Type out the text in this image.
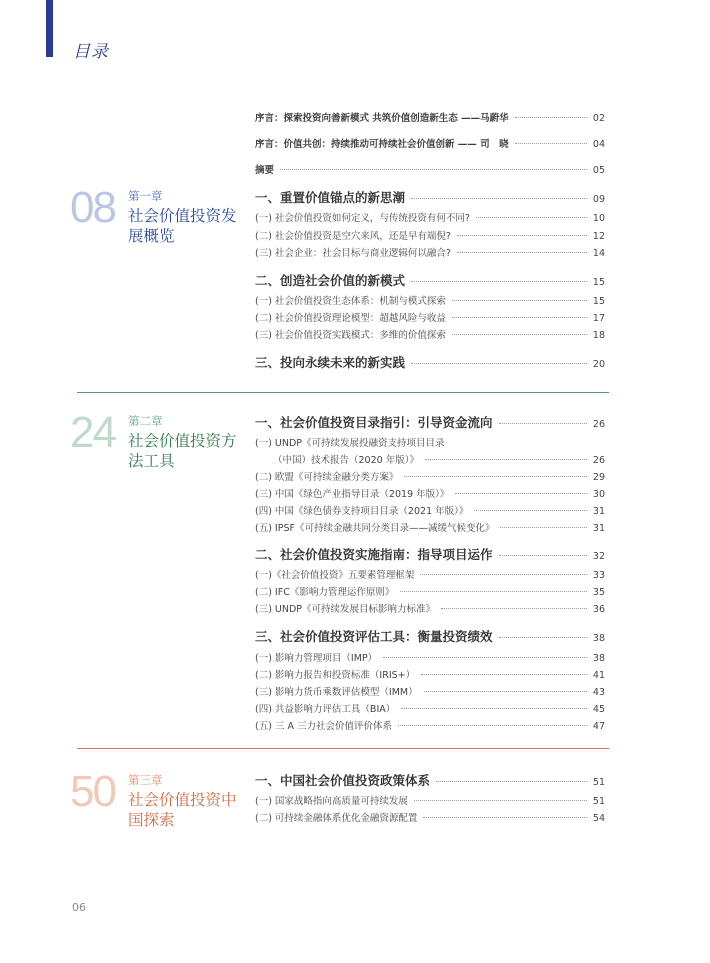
目录
序言：探索投资向善新模式 共筑价值创造新生态 ——马蔚华	02
序言：价值共创：持续推动可持续社会价值创新 —— 司　晓	04
摘要	05
08 第一章
社会价值投资发展概览
一、重置价值锚点的新思潮	09
(一) 社会价值投资如何定义，与传统投资有何不同?	10
(二) 社会价值投资是空穴来风，还是早有端倪?	12
(三) 社会企业：社会目标与商业逻辑何以融合?	14
二、创造社会价值的新模式	15
(一) 社会价值投资生态体系：机制与模式探索	15
(二) 社会价值投资理论模型：超越风险与收益	17
(三) 社会价值投资实践模式：多维的价值探索	18
三、投向永续未来的新实践	20
24 第二章
社会价值投资方法工具
一、社会价值投资目录指引：引导资金流向	26
(一) UNDP《可持续发展投融资支持项目目录
（中国）技术报告（2020 年版）》	26
(二) 欧盟《可持续金融分类方案》	29
(三) 中国《绿色产业指导目录（2019 年版）》	30
(四) 中国《绿色债券支持项目目录（2021 年版）》	31
(五) IPSF《可持续金融共同分类目录——减缓气候变化》	31
二、社会价值投资实施指南：指导项目运作	32
(一)《社会价值投资》五要素管理框架	33
(二) IFC《影响力管理运作原则》	35
(三) UNDP《可持续发展目标影响力标准》	36
三、社会价值投资评估工具：衡量投资绩效	38
(一) 影响力管理项目（IMP）	38
(二) 影响力报告和投资标准（IRIS+）	41
(三) 影响力货币乘数评估模型（IMM）	43
(四) 共益影响力评估工具（BIA）	45
(五) 三 A 三力社会价值评价体系	47
50 第三章
社会价值投资中国探索
一、中国社会价值投资政策体系	51
(一) 国家战略指向高质量可持续发展	51
(二) 可持续金融体系优化金融资源配置	54
06
